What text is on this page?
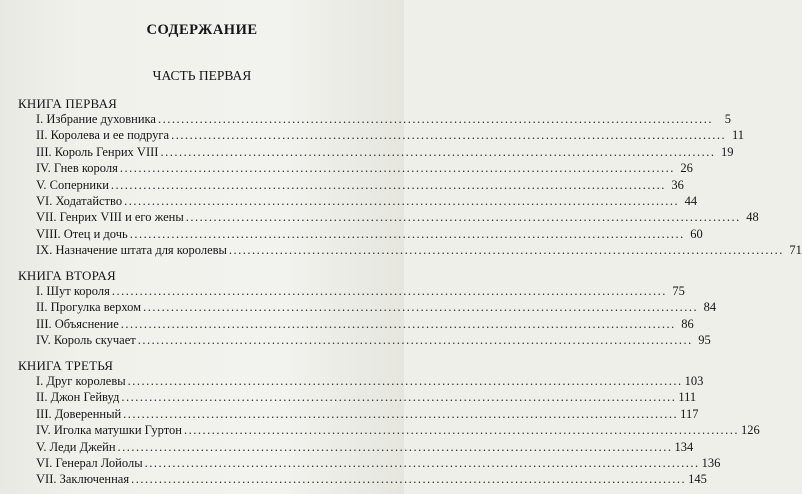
СОДЕРЖАНИЕ
ЧАСТЬ ПЕРВАЯ
КНИГА ПЕРВАЯ
I. Избрание духовника ........................................................................................................................ 5
II. Королева и ее подруга ........................................................................................................................ 11
III. Король Генрих VIII ........................................................................................................................ 19
IV. Гнев короля ........................................................................................................................ 26
V. Соперники ........................................................................................................................ 36
VI. Ходатайство ........................................................................................................................ 44
VII. Генрих VIII и его жены ........................................................................................................................ 48
VIII. Отец и дочь ........................................................................................................................ 60
IX. Назначение штата для королевы ........................................................................................................................ 71
КНИГА ВТОРАЯ
I. Шут короля ........................................................................................................................ 75
II. Прогулка верхом ........................................................................................................................ 84
III. Объяснение ........................................................................................................................ 86
IV. Король скучает ........................................................................................................................ 95
КНИГА ТРЕТЬЯ
I. Друг королевы ........................................................................................................................ 103
II. Джон Гейвуд ........................................................................................................................ 111
III. Доверенный ........................................................................................................................ 117
IV. Иголка матушки Гуртон ........................................................................................................................ 126
V. Леди Джейн ........................................................................................................................ 134
VI. Генерал Лойолы ........................................................................................................................ 136
VII. Заключенная ........................................................................................................................ 145
